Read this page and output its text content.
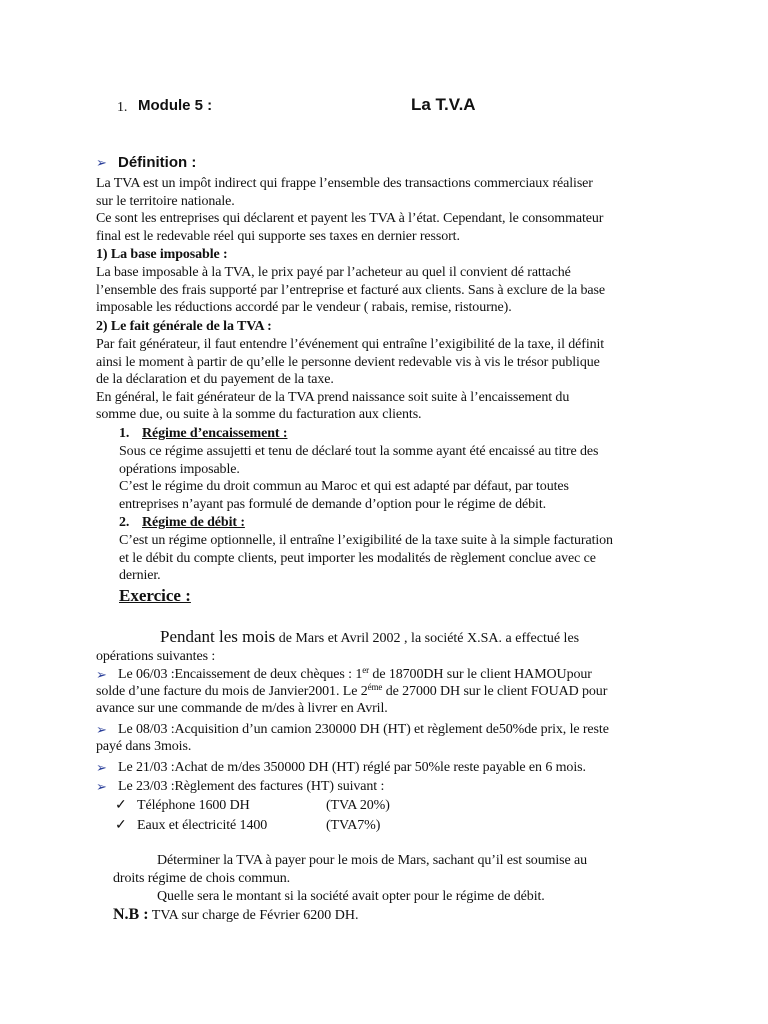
1. Module 5 :	La T.V.A
➢ Définition :
La TVA est un impôt indirect qui frappe l’ensemble des transactions commerciaux réaliser
sur le territoire nationale.
Ce sont les entreprises qui déclarent et payent les TVA à l’état. Cependant, le consommateur
final est le redevable réel qui supporte ses taxes en dernier ressort.
1) La base imposable :
La base imposable à la TVA, le prix payé par l’acheteur au quel il convient dé rattaché
l’ensemble des frais supporté par l’entreprise et facturé aux clients. Sans à exclure de la base
imposable les réductions accordé par le vendeur ( rabais, remise, ristourne).
2) Le fait générale de la TVA :
Par fait générateur, il faut entendre l’événement qui entraîne l’exigibilité de la taxe, il définit
ainsi le moment à partir de qu’elle le personne devient redevable vis à vis le trésor publique
de la déclaration et du payement de la taxe.
En général, le fait générateur de la TVA prend naissance soit suite à l’encaissement du
somme due, ou suite à la somme du facturation aux clients.
1. Régime d’encaissement :
Sous ce régime assujetti et tenu de déclaré tout la somme ayant été encaissé au titre des
opérations imposable.
C’est le régime du droit commun au Maroc et qui est adapté par défaut, par toutes
entreprises n’ayant pas formulé de demande d’option pour le régime de débit.
2. Régime de débit :
C’est un régime optionnelle, il entraîne l’exigibilité de la taxe suite à la simple facturation
et le débit du compte clients, peut importer les modalités de règlement conclue avec ce
dernier.
Exercice :
Pendant les mois de Mars et Avril 2002 , la société X.SA. a effectué les
opérations suivantes :
➢ Le 06/03 :Encaissement de deux chèques : 1er de 18700DH sur le client HAMOUpour
solde d’une facture du mois de Janvier2001. Le $2^{éme}$ de 27000 DH sur le client FOUAD pour
avance sur une commande de m/des à livrer en Avril.
➢ Le 08/03 :Acquisition d’un camion 230000 DH (HT) et règlement de50%de prix, le reste
payé dans 3mois.
➢ Le 21/03 :Achat de m/des 350000 DH (HT) réglé par 50%le reste payable en 6 mois.
➢ Le 23/03 :Règlement des factures (HT) suivant :
✓ Téléphone 1600 DH	(TVA 20%)
✓ Eaux et électricité 1400	(TVA7%)
Déterminer la TVA à payer pour le mois de Mars, sachant qu’il est soumise au
droits régime de chois commun.
Quelle sera le montant si la société avait opter pour le régime de débit.
N.B : TVA sur charge de Février 6200 DH.
